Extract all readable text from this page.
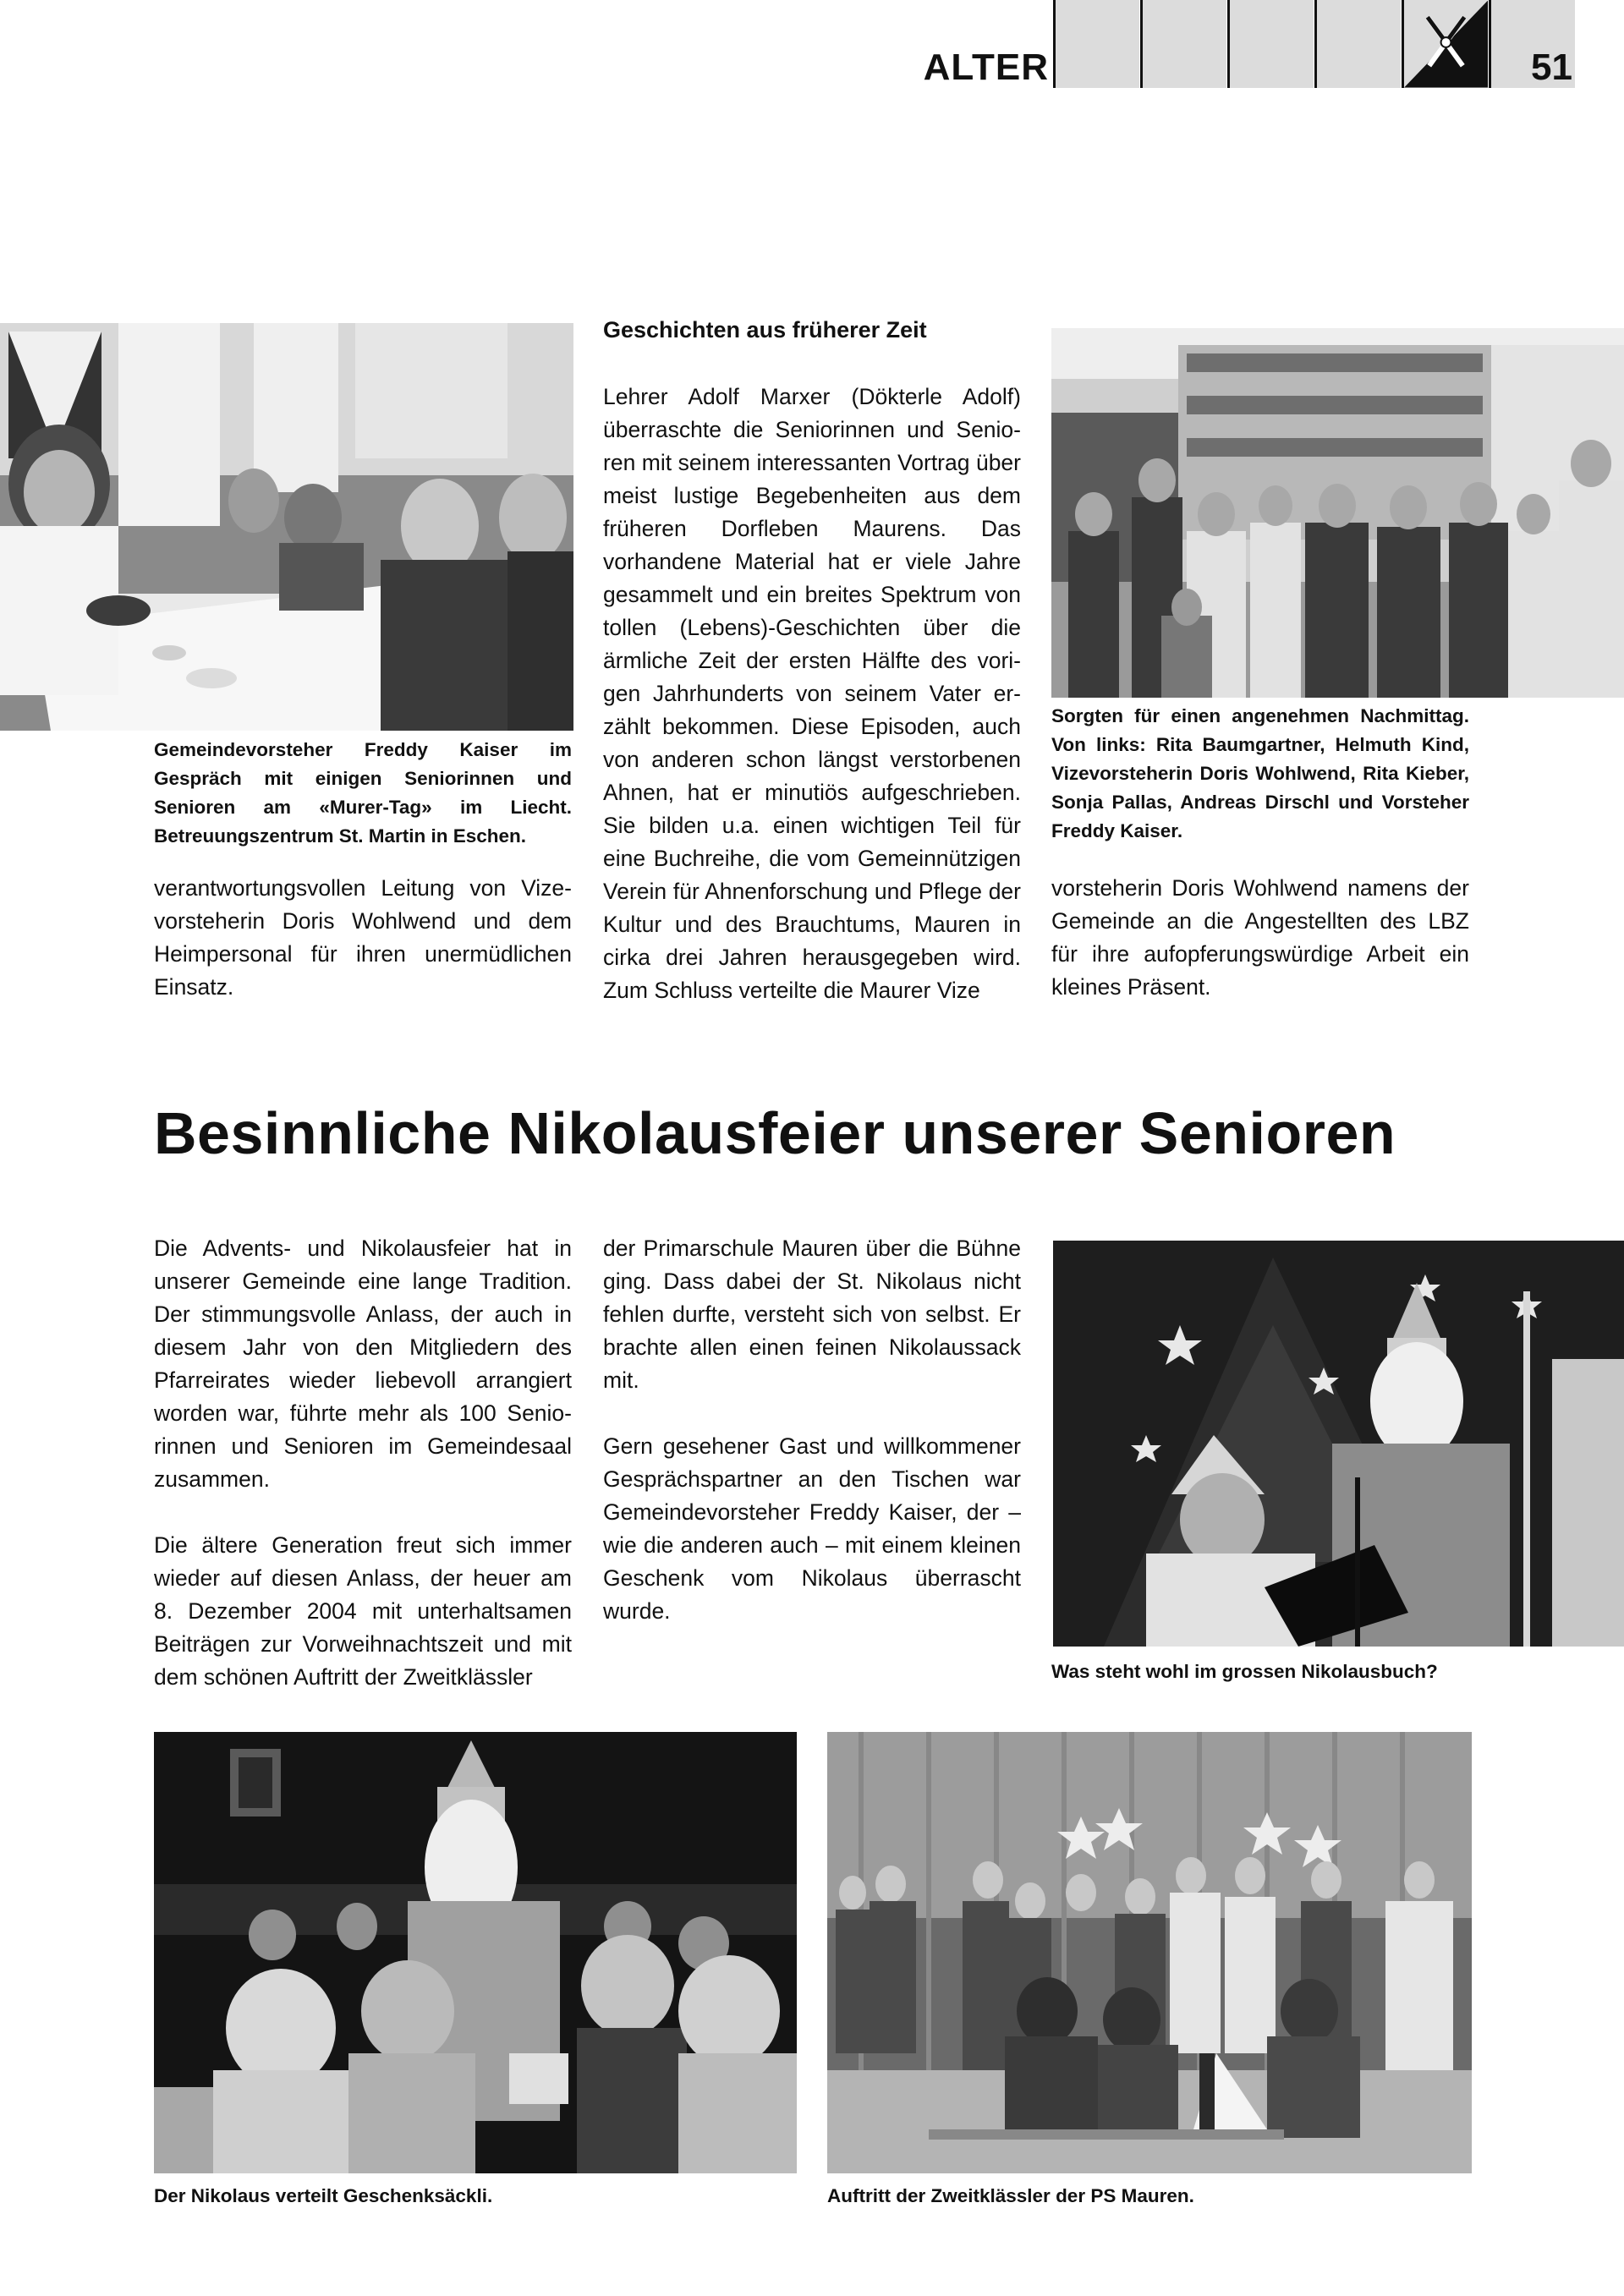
ALTER	51
Gemeindevorsteher Freddy Kaiser im Gespräch mit einigen Seniorinnen und Senioren am «Murer-Tag» im Liecht. Betreuungszentrum St. Martin in Eschen.

verantwortungsvollen Leitung von Vizevorsteherin Doris Wohlwend und dem Heimpersonal für ihren unermüdlichen Einsatz.

Geschichten aus früherer Zeit

Lehrer Adolf Marxer (Dökterle Adolf) überraschte die Seniorinnen und Senioren mit seinem interessanten Vortrag über meist lustige Begebenheiten aus dem früheren Dorfleben Maurens. Das vorhandene Material hat er viele Jahre gesammelt und ein breites Spektrum von tollen (Lebens)-Geschichten über die ärmliche Zeit der ersten Hälfte des vorigen Jahrhunderts von seinem Vater erzählt bekommen. Diese Episoden, auch von anderen schon längst verstorbenen Ahnen, hat er minutiös aufgeschrieben. Sie bilden u.a. einen wichtigen Teil für eine Buchreihe, die vom Gemeinnützigen Verein für Ahnenforschung und Pflege der Kultur und des Brauchtums, Mauren in cirka drei Jahren herausgegeben wird. Zum Schluss verteilte die Maurer Vize

Sorgten für einen angenehmen Nachmittag. Von links: Rita Baumgartner, Helmuth Kind, Vizevorsteherin Doris Wohlwend, Rita Kieber, Sonja Pallas, Andreas Dirschl und Vorsteher Freddy Kaiser.

vorsteherin Doris Wohlwend namens der Gemeinde an die Angestellten des LBZ für ihre aufopferungswürdige Arbeit ein kleines Präsent.

Besinnliche Nikolausfeier unserer Senioren

Die Advents- und Nikolausfeier hat in unserer Gemeinde eine lange Tradition. Der stimmungsvolle Anlass, der auch in diesem Jahr von den Mitgliedern des Pfarreirates wieder liebevoll arrangiert worden war, führte mehr als 100 Seniorinnen und Senioren im Gemeindesaal zusammen.

Die ältere Generation freut sich immer wieder auf diesen Anlass, der heuer am 8. Dezember 2004 mit unterhaltsamen Beiträgen zur Vorweihnachtszeit und mit dem schönen Auftritt der Zweitklässler

der Primarschule Mauren über die Bühne ging. Dass dabei der St. Nikolaus nicht fehlen durfte, versteht sich von selbst. Er brachte allen einen feinen Nikolaussack mit.

Gern gesehener Gast und willkommener Gesprächspartner an den Tischen war Gemeindevorsteher Freddy Kaiser, der – wie die anderen auch – mit einem kleinen Geschenk vom Nikolaus überrascht wurde.

Was steht wohl im grossen Nikolausbuch?
Der Nikolaus verteilt Geschenksäckli.	Auftritt der Zweitklässler der PS Mauren.
